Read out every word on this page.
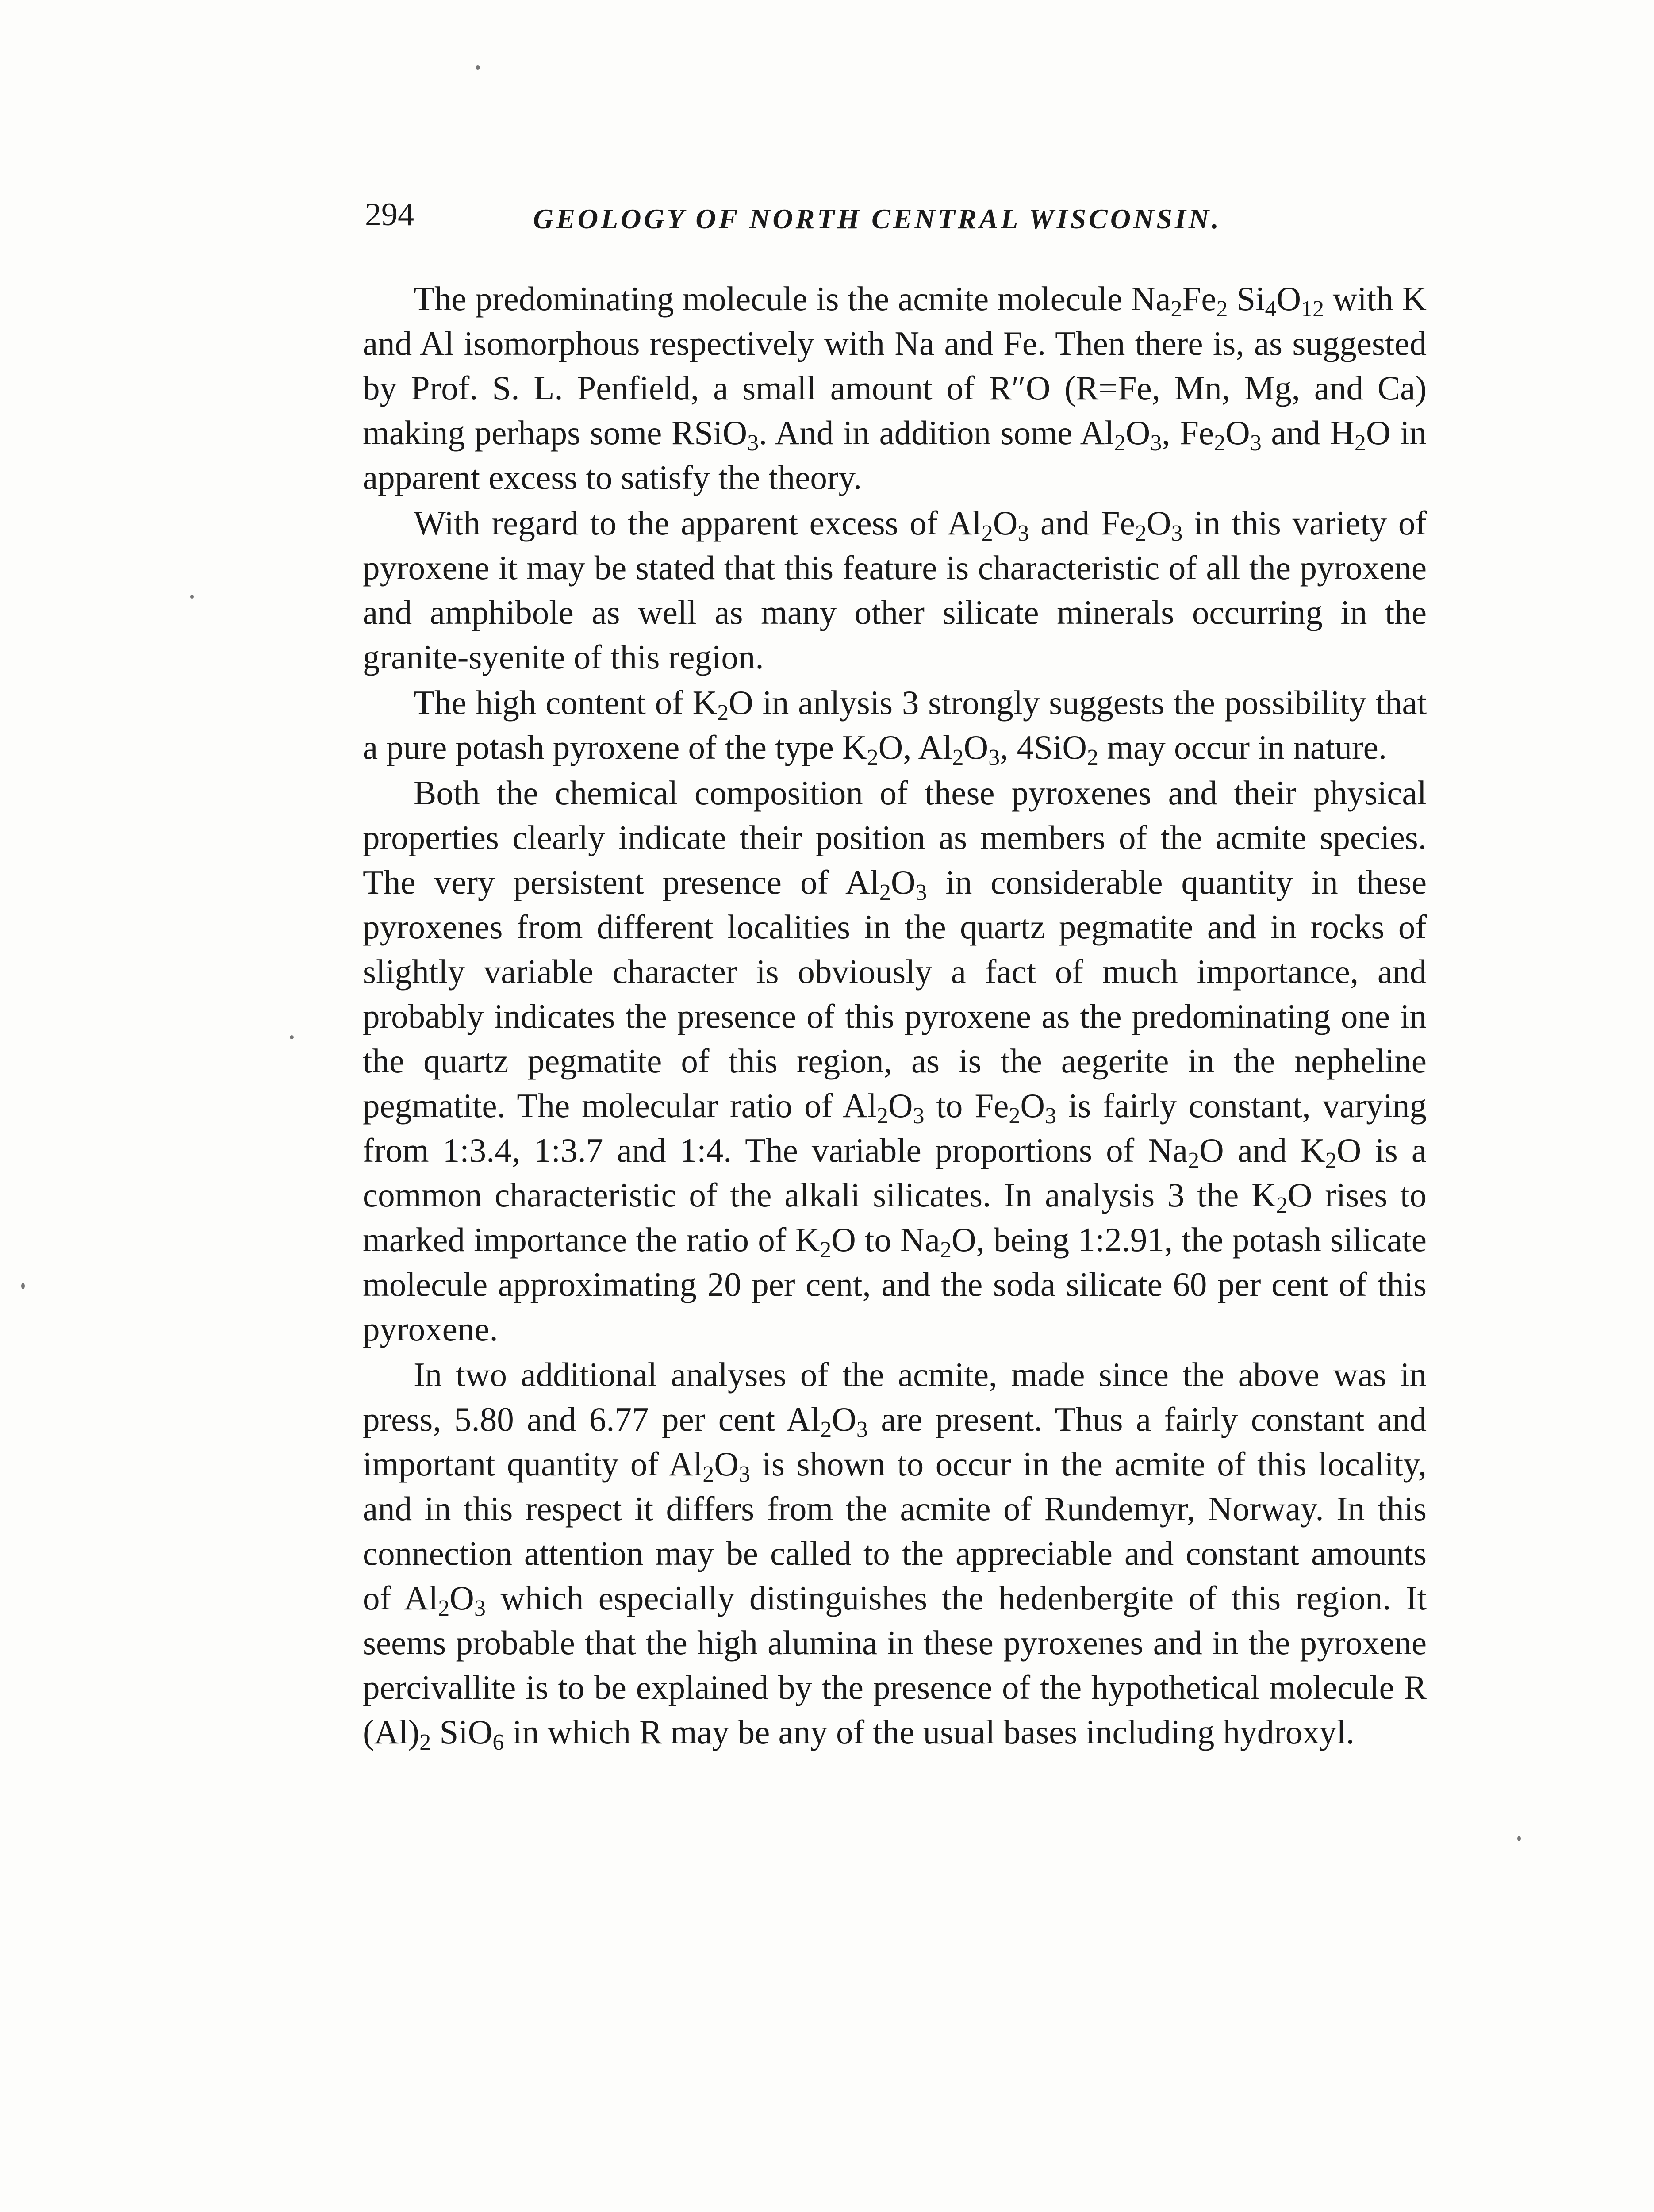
294	GEOLOGY OF NORTH CENTRAL WISCONSIN.

The predominating molecule is the acmite molecule $Na_2Fe_2$ $Si_4O_{12}$ with K and Al isomorphous respectively with Na and Fe. Then there is, as suggested by Prof. S. L. Penfield, a small amount of R″O (R=Fe, Mn, Mg, and Ca) making perhaps some RSiO$_3$. And in addition some $Al_2O_3$, $Fe_2O_3$ and $H_2O$ in apparent excess to satisfy the theory.

With regard to the apparent excess of $Al_2O_3$ and $Fe_2O_3$ in this variety of pyroxene it may be stated that this feature is characteristic of all the pyroxene and amphibole as well as many other silicate minerals occurring in the granite-syenite of this region.

The high content of $K_2O$ in anlysis 3 strongly suggests the possibility that a pure potash pyroxene of the type $K_2O$, $Al_2O_3$, 4SiO$_2$ may occur in nature.

Both the chemical composition of these pyroxenes and their physical properties clearly indicate their position as members of the acmite species. The very persistent presence of $Al_2O_3$ in considerable quantity in these pyroxenes from different localities in the quartz pegmatite and in rocks of slightly variable character is obviously a fact of much importance, and probably indicates the presence of this pyroxene as the predominating one in the quartz pegmatite of this region, as is the aegerite in the nepheline pegmatite. The molecular ratio of $Al_2O_3$ to $Fe_2O_3$ is fairly constant, varying from 1:3.4, 1:3.7 and 1:4. The variable proportions of $Na_2O$ and $K_2O$ is a common characteristic of the alkali silicates. In analysis 3 the $K_2O$ rises to marked importance the ratio of $K_2O$ to $Na_2O$, being 1:2.91, the potash silicate molecule approximating 20 per cent, and the soda silicate 60 per cent of this pyroxene.

In two additional analyses of the acmite, made since the above was in press, 5.80 and 6.77 per cent $Al_2O_3$ are present. Thus a fairly constant and important quantity of $Al_2O_3$ is shown to occur in the acmite of this locality, and in this respect it differs from the acmite of Rundemyr, Norway. In this connection attention may be called to the appreciable and constant amounts of $Al_2O_3$ which especially distinguishes the hedenbergite of this region. It seems probable that the high alumina in these pyroxenes and in the pyroxene percivallite is to be explained by the presence of the hypothetical molecule R $(Al)_2$ SiO$_6$ in which R may be any of the usual bases including hydroxyl.
